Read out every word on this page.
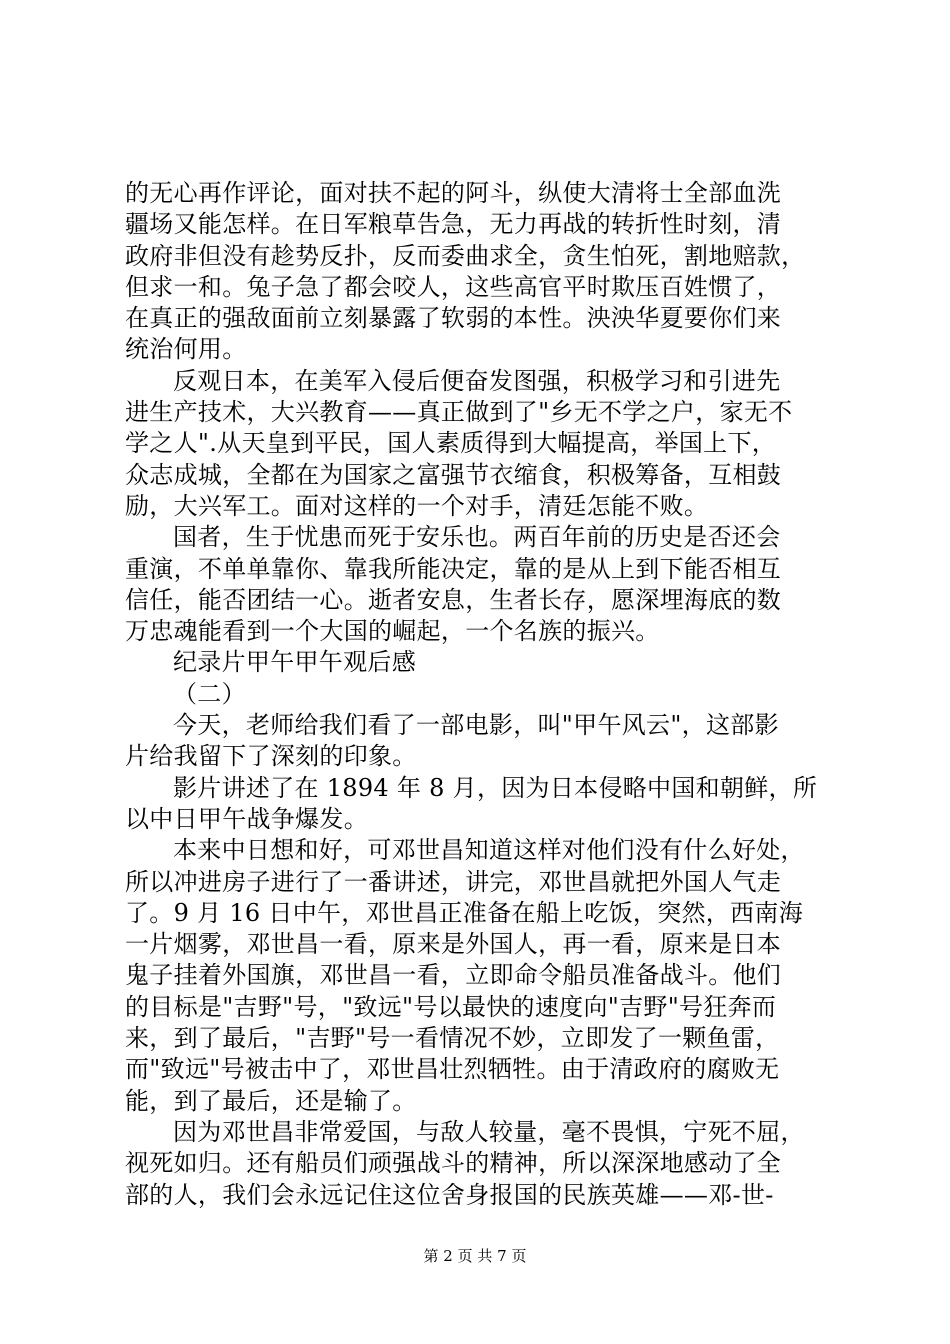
的无心再作评论，面对扶不起的阿斗，纵使大清将士全部血洗
疆场又能怎样。在日军粮草告急，无力再战的转折性时刻，清
政府非但没有趁势反扑，反而委曲求全，贪生怕死，割地赔款，
但求一和。兔子急了都会咬人，这些高官平时欺压百姓惯了，
在真正的强敌面前立刻暴露了软弱的本性。泱泱华夏要你们来
统治何用。
反观日本，在美军入侵后便奋发图强，积极学习和引进先
进生产技术，大兴教育——真正做到了"乡无不学之户，家无不
学之人".从天皇到平民，国人素质得到大幅提高，举国上下，
众志成城，全都在为国家之富强节衣缩食，积极筹备，互相鼓
励，大兴军工。面对这样的一个对手，清廷怎能不败。
国者，生于忧患而死于安乐也。两百年前的历史是否还会
重演，不单单靠你、靠我所能决定，靠的是从上到下能否相互
信任，能否团结一心。逝者安息，生者长存，愿深埋海底的数
万忠魂能看到一个大国的崛起，一个名族的振兴。
纪录片甲午甲午观后感
（二）
今天，老师给我们看了一部电影，叫"甲午风云"，这部影
片给我留下了深刻的印象。
影片讲述了在 1894 年 8 月，因为日本侵略中国和朝鲜，所
以中日甲午战争爆发。
本来中日想和好，可邓世昌知道这样对他们没有什么好处，
所以冲进房子进行了一番讲述，讲完，邓世昌就把外国人气走
了。9 月 16 日中午，邓世昌正准备在船上吃饭，突然，西南海
一片烟雾，邓世昌一看，原来是外国人，再一看，原来是日本
鬼子挂着外国旗，邓世昌一看，立即命令船员准备战斗。他们
的目标是"吉野"号，"致远"号以最快的速度向"吉野"号狂奔而
来，到了最后，"吉野"号一看情况不妙，立即发了一颗鱼雷，
而"致远"号被击中了，邓世昌壮烈牺牲。由于清政府的腐败无
能，到了最后，还是输了。
因为邓世昌非常爱国，与敌人较量，毫不畏惧，宁死不屈，
视死如归。还有船员们顽强战斗的精神，所以深深地感动了全
部的人，我们会永远记住这位舍身报国的民族英雄——邓-世-
第 2 页 共 7 页
